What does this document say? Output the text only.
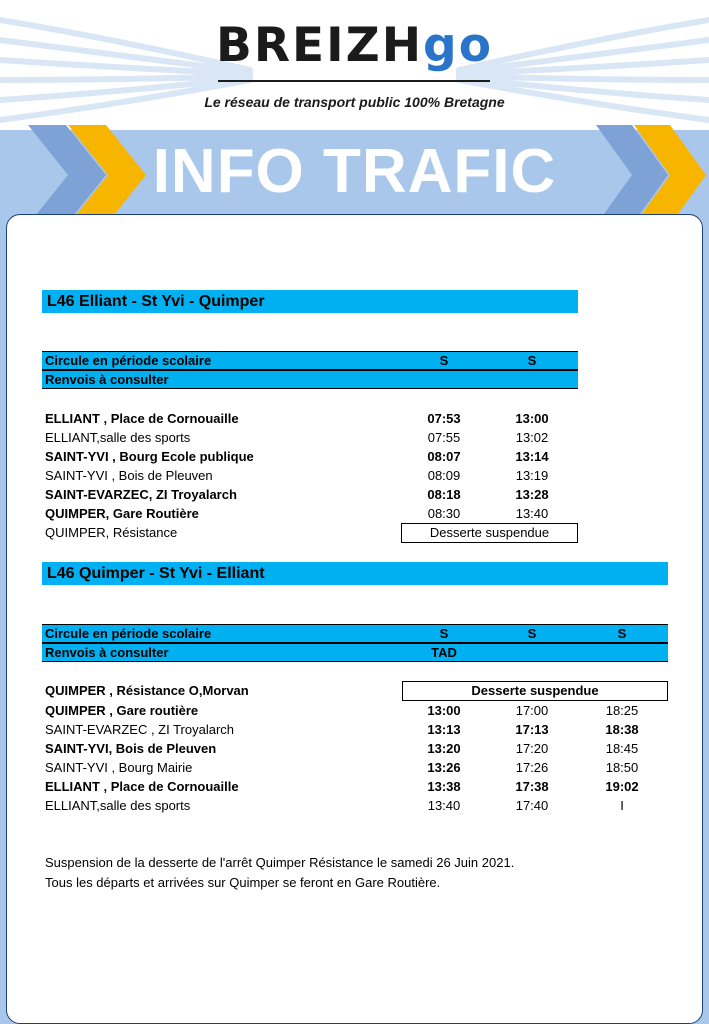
BREIZHgo
Le réseau de transport public 100% Bretagne
INFO TRAFIC
L46 Elliant - St Yvi - Quimper
Circule en période scolaire	S	S
Renvois à consulter
ELLIANT , Place de Cornouaille	07:53	13:00
ELLIANT,salle des sports	07:55	13:02
SAINT-YVI , Bourg Ecole publique	08:07	13:14
SAINT-YVI , Bois de Pleuven	08:09	13:19
SAINT-EVARZEC, ZI Troyalarch	08:18	13:28
QUIMPER, Gare Routière	08:30	13:40
QUIMPER, Résistance	Desserte suspendue
L46 Quimper - St Yvi - Elliant
Circule en période scolaire	S	S	S
Renvois à consulter	TAD
QUIMPER , Résistance O,Morvan	Desserte suspendue
QUIMPER , Gare routière	13:00	17:00	18:25
SAINT-EVARZEC , ZI Troyalarch	13:13	17:13	18:38
SAINT-YVI, Bois de Pleuven	13:20	17:20	18:45
SAINT-YVI , Bourg Mairie	13:26	17:26	18:50
ELLIANT , Place de Cornouaille	13:38	17:38	19:02
ELLIANT,salle des sports	13:40	17:40	I
Suspension de la desserte de l'arrêt Quimper Résistance le samedi 26 Juin 2021.
Tous les départs et arrivées sur Quimper se feront en Gare Routière.
